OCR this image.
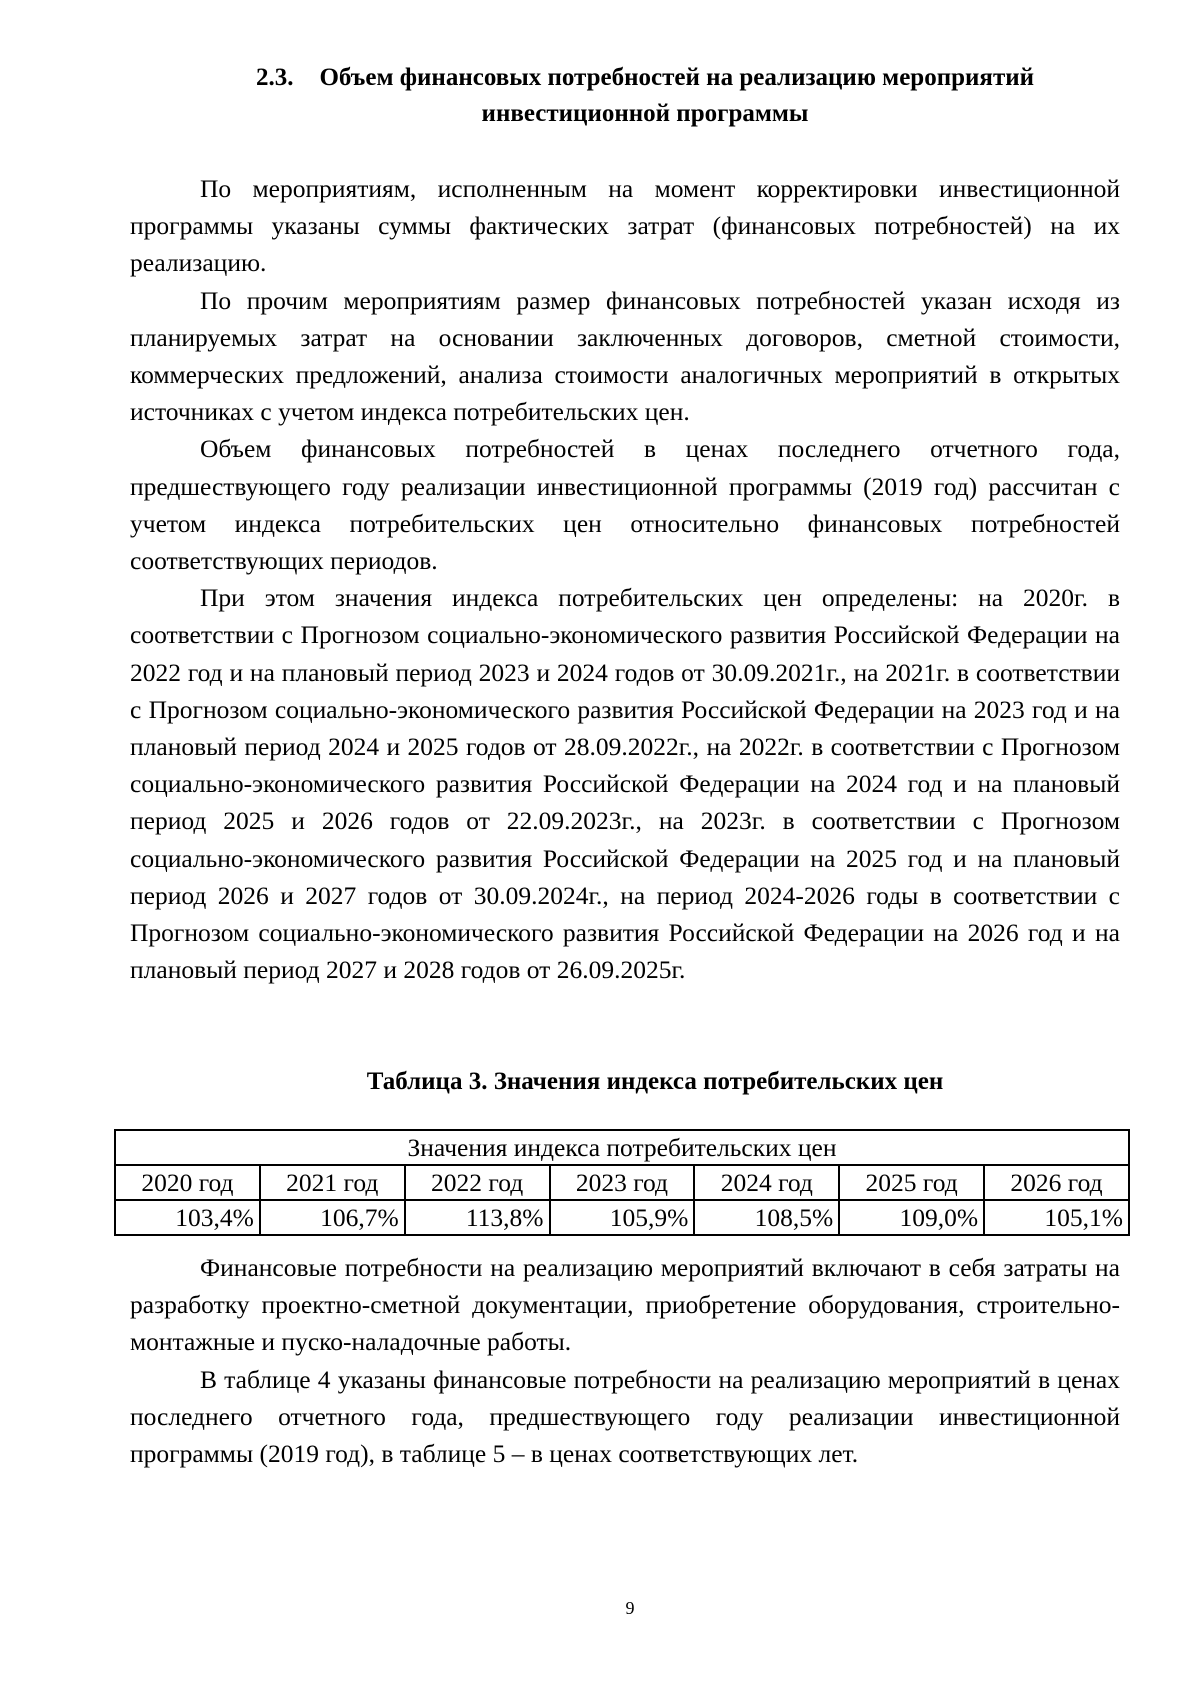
2.3. Объем финансовых потребностей на реализацию мероприятий
инвестиционной программы

По мероприятиям, исполненным на момент корректировки инвестиционной программы указаны суммы фактических затрат (финансовых потребностей) на их реализацию.

По прочим мероприятиям размер финансовых потребностей указан исходя из планируемых затрат на основании заключенных договоров, сметной стоимости, коммерческих предложений, анализа стоимости аналогичных мероприятий в открытых источниках с учетом индекса потребительских цен.

Объем финансовых потребностей в ценах последнего отчетного года, предшествующего году реализации инвестиционной программы (2019 год) рассчитан с учетом индекса потребительских цен относительно финансовых потребностей соответствующих периодов.

При этом значения индекса потребительских цен определены: на 2020г. в соответствии с Прогнозом социально-экономического развития Российской Федерации на 2022 год и на плановый период 2023 и 2024 годов от 30.09.2021г., на 2021г. в соответствии с Прогнозом социально-экономического развития Российской Федерации на 2023 год и на плановый период 2024 и 2025 годов от 28.09.2022г., на 2022г. в соответствии с Прогнозом социально-экономического развития Российской Федерации на 2024 год и на плановый период 2025 и 2026 годов от 22.09.2023г., на 2023г. в соответствии с Прогнозом социально-экономического развития Российской Федерации на 2025 год и на плановый период 2026 и 2027 годов от 30.09.2024г., на период 2024-2026 годы в соответствии с Прогнозом социально-экономического развития Российской Федерации на 2026 год и на плановый период 2027 и 2028 годов от 26.09.2025г.

Таблица 3. Значения индекса потребительских цен
Значения индекса потребительских цен						
2020 год	2021 год	2022 год	2023 год	2024 год	2025 год	2026 год
103,4%	106,7%	113,8%	105,9%	108,5%	109,0%	105,1%

Финансовые потребности на реализацию мероприятий включают в себя затраты на разработку проектно-сметной документации, приобретение оборудования, строительно-монтажные и пуско-наладочные работы.

В таблице 4 указаны финансовые потребности на реализацию мероприятий в ценах последнего отчетного года, предшествующего году реализации инвестиционной программы (2019 год), в таблице 5 – в ценах соответствующих лет.

9
